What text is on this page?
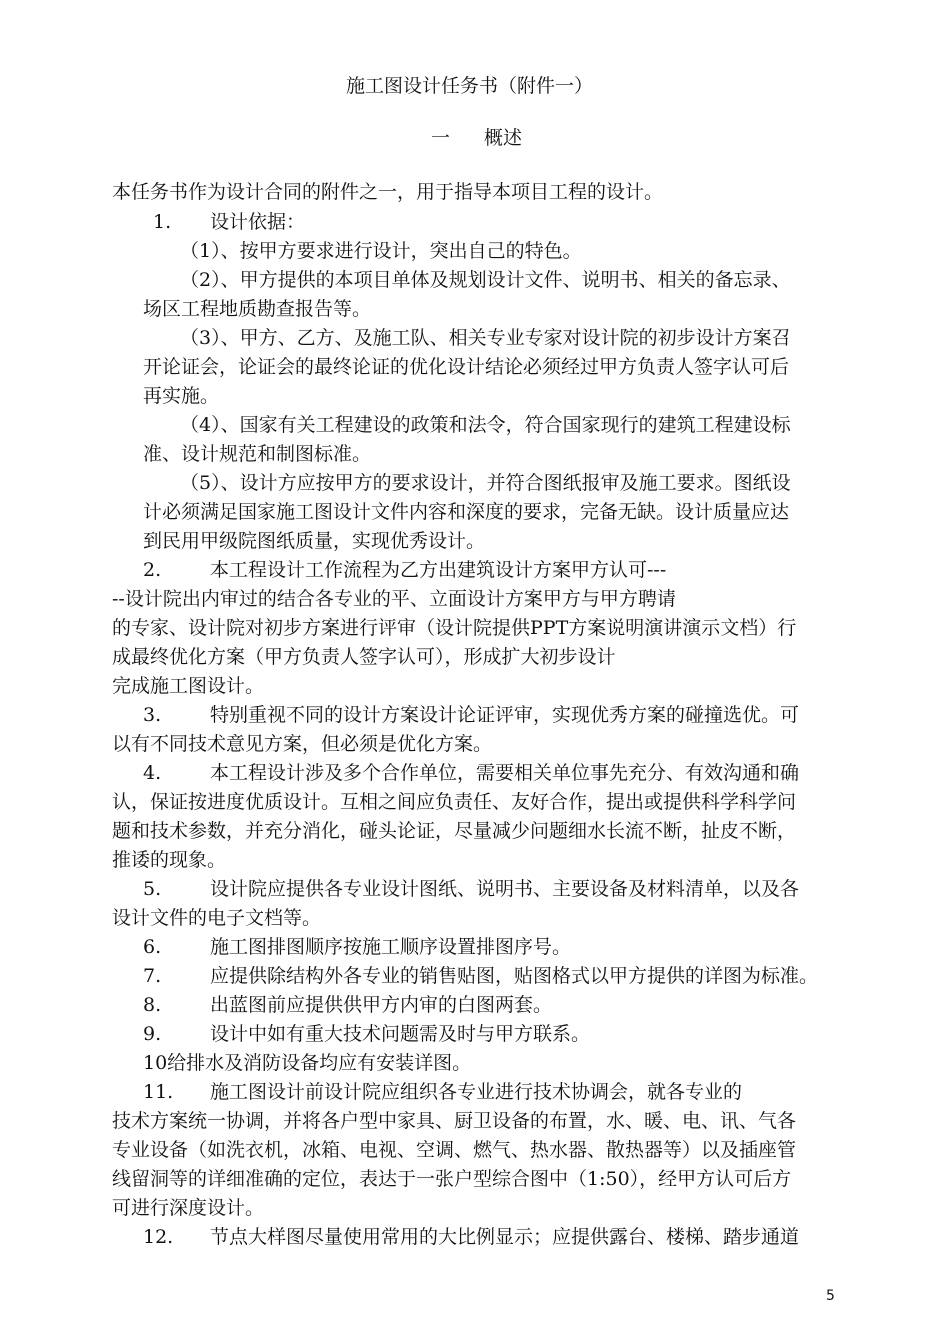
施工图设计任务书（附件一）
一 概述
本任务书作为设计合同的附件之一，用于指导本项目工程的设计。
1. 设计依据：
（1）、按甲方要求进行设计，突出自己的特色。
（2）、甲方提供的本项目单体及规划设计文件、说明书、相关的备忘录、
场区工程地质勘查报告等。
（3）、甲方、乙方、及施工队、相关专业专家对设计院的初步设计方案召
开论证会，论证会的最终论证的优化设计结论必须经过甲方负责人签字认可后
再实施。
（4）、国家有关工程建设的政策和法令，符合国家现行的建筑工程建设标
准、设计规范和制图标准。
（5）、设计方应按甲方的要求设计，并符合图纸报审及施工要求。图纸设
计必须满足国家施工图设计文件内容和深度的要求，完备无缺。设计质量应达
到民用甲级院图纸质量，实现优秀设计。
2.	本工程设计工作流程为乙方出建筑设计方案甲方认可---
--设计院出内审过的结合各专业的平、立面设计方案甲方与甲方聘请
的专家、设计院对初步方案进行评审（设计院提供PPT方案说明演讲演示文档）行
成最终优化方案（甲方负责人签字认可），形成扩大初步设计
完成施工图设计。
3.	特别重视不同的设计方案设计论证评审，实现优秀方案的碰撞选优。可
以有不同技术意见方案，但必须是优化方案。
4.	本工程设计涉及多个合作单位，需要相关单位事先充分、有效沟通和确
认，保证按进度优质设计。互相之间应负责任、友好合作，提出或提供科学科学问
题和技术参数，并充分消化，碰头论证，尽量减少问题细水长流不断，扯皮不断，
推诿的现象。
5.	设计院应提供各专业设计图纸、说明书、主要设备及材料清单，以及各
设计文件的电子文档等。
6.	施工图排图顺序按施工顺序设置排图序号。
7.	应提供除结构外各专业的销售贴图，贴图格式以甲方提供的详图为标准。
8.	出蓝图前应提供供甲方内审的白图两套。
9.	设计中如有重大技术问题需及时与甲方联系。
10给排水及消防设备均应有安装详图。
11. 施工图设计前设计院应组织各专业进行技术协调会，就各专业的
技术方案统一协调，并将各户型中家具、厨卫设备的布置，水、暖、电、讯、气各
专业设备（如洗衣机，冰箱、电视、空调、燃气、热水器、散热器等）以及插座管
线留洞等的详细准确的定位，表达于一张户型综合图中（1:50），经甲方认可后方
可进行深度设计。
12. 节点大样图尽量使用常用的大比例显示；应提供露台、楼梯、踏步通道
5
